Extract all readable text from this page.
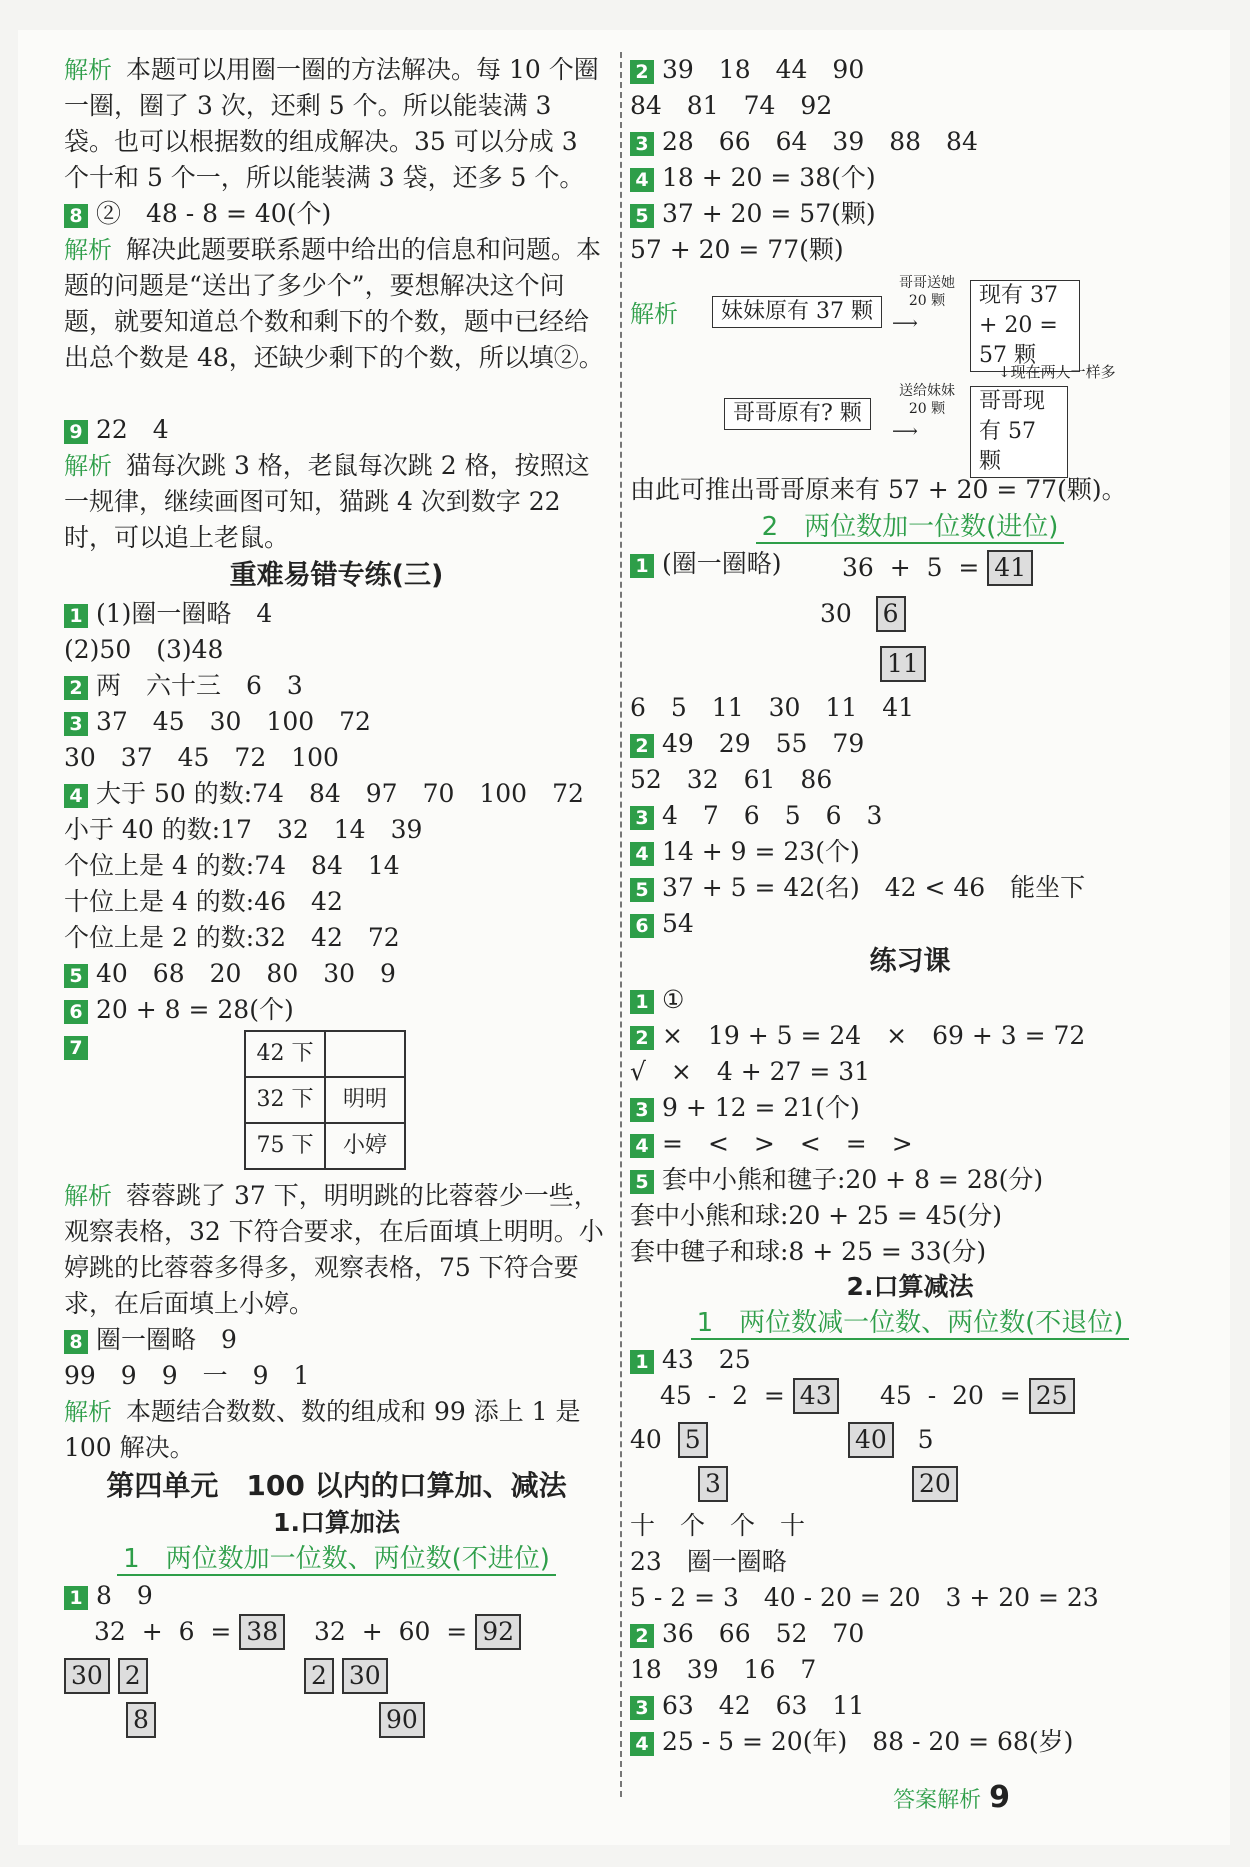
解析 本题可以用圈一圈的方法解决。每 10 个圈一圈，圈了 3 次，还剩 5 个。所以能装满 3 袋。也可以根据数的组成解决。35 可以分成 3 个十和 5 个一，所以能装满 3 袋，还多 5 个。
8 ②　48 - 8 = 40(个)
解析 解决此题要联系题中给出的信息和问题。本题的问题是“送出了多少个”，要想解决这个问题，就要知道总个数和剩下的个数，题中已经给出总个数是 48，还缺少剩下的个数，所以填②。
9 22　4
解析 猫每次跳 3 格，老鼠每次跳 2 格，按照这一规律，继续画图可知，猫跳 4 次到数字 22 时，可以追上老鼠。
重难易错专练(三)
1 (1)圈一圈略　4
(2)50　(3)48
2 两　六十三　6　3
3 37　45　30　100　72
30　37　45　72　100
4 大于 50 的数:74　84　97　70　100　72
小于 40 的数:17　32　14　39
个位上是 4 的数:74　84　14
十位上是 4 的数:46　42
个位上是 2 的数:32　42　72
5 40　68　20　80　30　9
6 20 + 8 = 28(个)
7	42 下	
32 下	明明
75 下	小婷
解析 蓉蓉跳了 37 下，明明跳的比蓉蓉少一些，观察表格，32 下符合要求，在后面填上明明。小婷跳的比蓉蓉多得多，观察表格，75 下符合要求，在后面填上小婷。
8 圈一圈略　9
99　9　9　一　9　1
解析 本题结合数数、数的组成和 99 添上 1 是 100 解决。
第四单元　100 以内的口算加、减法
1.口算加法
1　两位数加一位数、两位数(不进位)
1 8　9
32 + 6 = 38
30 2
8
32 + 60 = 92
2 30
90
2 39　18　44　90
84　81　74　92
3 28　66　64　39　88　84
4 18 + 20 = 38(个)
5 37 + 20 = 57(颗)
57 + 20 = 77(颗)
解析	妹妹原有 37 颗
哥哥送她 20 颗
⟶
现有 37 + 20 = 57 颗
↓现在两人一样多
哥哥原有? 颗
送给妹妹 20 颗
⟶
哥哥现有 57 颗
由此可推出哥哥原来有 57 + 20 = 77(颗)。
2　两位数加一位数(进位)
1 (圈一圈略) 36 + 5 = 41
30 6
11
6　5　11　30　11　41
2 49　29　55　79
52　32　61　86
3 4　7　6　5　6　3
4 14 + 9 = 23(个)
5 37 + 5 = 42(名)　42 < 46　能坐下
6 54
练习课
1 ①
2 ×　19 + 5 = 24　×　69 + 3 = 72
√　×　4 + 27 = 31
3 9 + 12 = 21(个)
4 =　<　>　<　=　>
5 套中小熊和毽子:20 + 8 = 28(分)
套中小熊和球:20 + 25 = 45(分)
套中毽子和球:8 + 25 = 33(分)
2.口算减法
1　两位数减一位数、两位数(不退位)
1 43　25
45 - 2 = 43
40 5
3
45 - 20 = 25
40 5
20
十　个　个　十
23　圈一圈略
5 - 2 = 3　40 - 20 = 20　3 + 20 = 23
2 36　66　52　70
18　39　16　7
3 63　42　63　11
4 25 - 5 = 20(年)　88 - 20 = 68(岁)
答案解析 9
